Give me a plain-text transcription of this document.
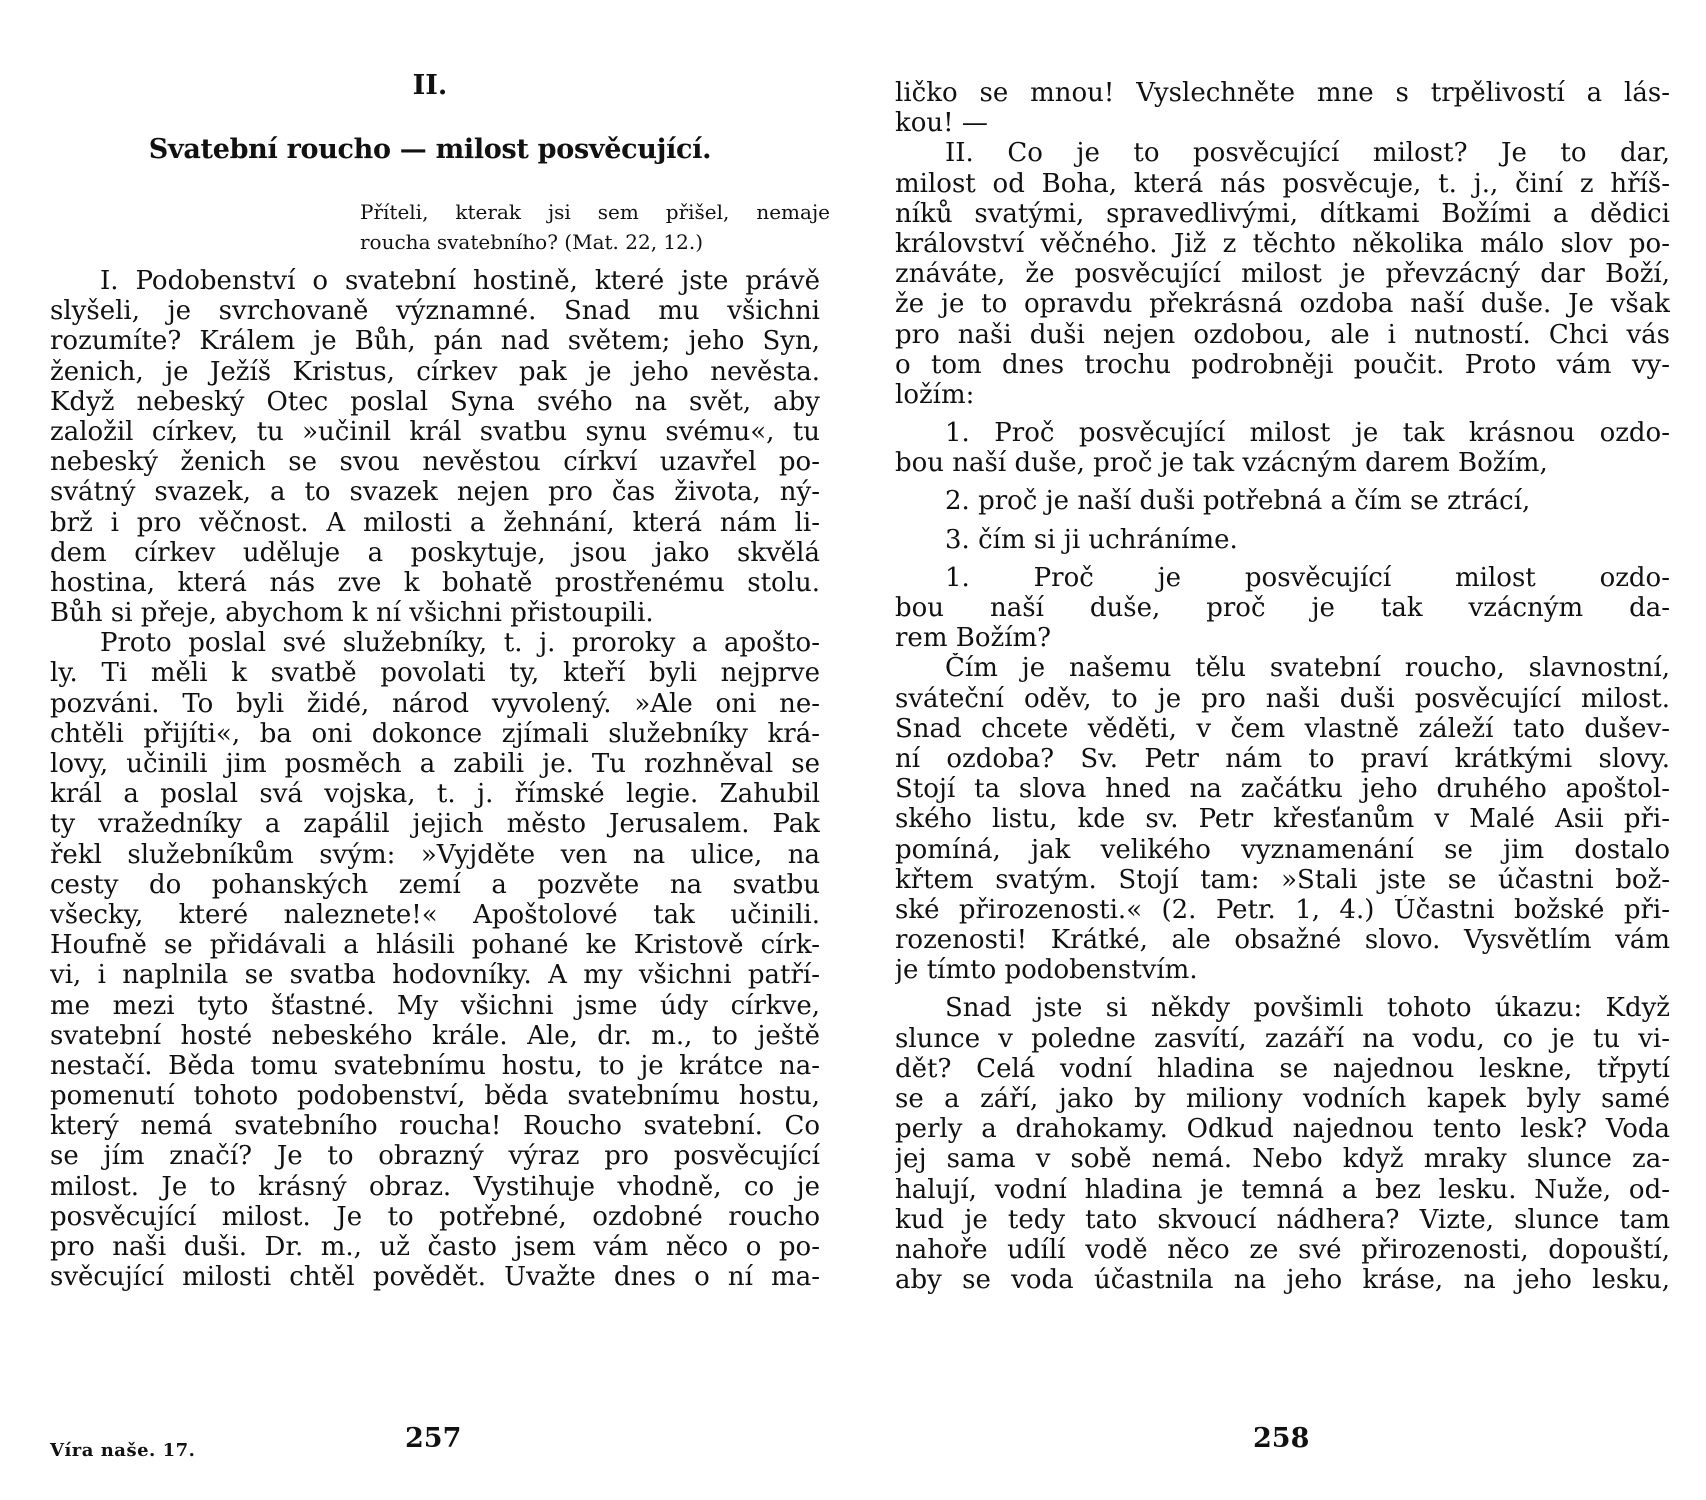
II.
Svatební roucho — milost posvěcující.
Příteli, kterak jsi sem přišel, nemaje
roucha svatebního? (Mat. 22, 12.)
I. Podobenství o svatební hostině, které jste právě
slyšeli, je svrchovaně významné. Snad mu všichni
rozumíte? Králem je Bůh, pán nad světem; jeho Syn,
ženich, je Ježíš Kristus, církev pak je jeho nevěsta.
Když nebeský Otec poslal Syna svého na svět, aby
založil církev, tu »učinil král svatbu synu svému«, tu
nebeský ženich se svou nevěstou církví uzavřel po-
svátný svazek, a to svazek nejen pro čas života, ný-
brž i pro věčnost. A milosti a žehnání, která nám li-
dem církev uděluje a poskytuje, jsou jako skvělá
hostina, která nás zve k bohatě prostřenému stolu.
Bůh si přeje, abychom k ní všichni přistoupili.
Proto poslal své služebníky, t. j. proroky a apošto-
ly. Ti měli k svatbě povolati ty, kteří byli nejprve
pozváni. To byli židé, národ vyvolený. »Ale oni ne-
chtěli přijíti«, ba oni dokonce zjímali služebníky krá-
lovy, učinili jim posměch a zabili je. Tu rozhněval se
král a poslal svá vojska, t. j. římské legie. Zahubil
ty vražedníky a zapálil jejich město Jerusalem. Pak
řekl služebníkům svým: »Vyjděte ven na ulice, na
cesty do pohanských zemí a pozvěte na svatbu
všecky, které naleznete!« Apoštolové tak učinili.
Houfně se přidávali a hlásili pohané ke Kristově círk-
vi, i naplnila se svatba hodovníky. A my všichni patří-
me mezi tyto šťastné. My všichni jsme údy církve,
svatební hosté nebeského krále. Ale, dr. m., to ještě
nestačí. Běda tomu svatebnímu hostu, to je krátce na-
pomenutí tohoto podobenství, běda svatebnímu hostu,
který nemá svatebního roucha! Roucho svatební. Co
se jím značí? Je to obrazný výraz pro posvěcující
milost. Je to krásný obraz. Vystihuje vhodně, co je
posvěcující milost. Je to potřebné, ozdobné roucho
pro naši duši. Dr. m., už často jsem vám něco o po-
svěcující milosti chtěl povědět. Uvažte dnes o ní ma-
Víra naše. 17.	257
ličko se mnou! Vyslechněte mne s trpělivostí a lás-
kou! —
II. Co je to posvěcující milost? Je to dar,
milost od Boha, která nás posvěcuje, t. j., činí z hříš-
níků svatými, spravedlivými, dítkami Božími a dědici
království věčného. Již z těchto několika málo slov po-
znáváte, že posvěcující milost je převzácný dar Boží,
že je to opravdu překrásná ozdoba naší duše. Je však
pro naši duši nejen ozdobou, ale i nutností. Chci vás
o tom dnes trochu podrobněji poučit. Proto vám vy-
ložím:
1. Proč posvěcující milost je tak krásnou ozdo-
bou naší duše, proč je tak vzácným darem Božím,
2. proč je naší duši potřebná a čím se ztrácí,
3. čím si ji uchráníme.
1. Proč je posvěcující milost ozdo-
bou naší duše, proč je tak vzácným da-
rem Božím?
Čím je našemu tělu svatební roucho, slavnostní,
sváteční oděv, to je pro naši duši posvěcující milost.
Snad chcete věděti, v čem vlastně záleží tato dušev-
ní ozdoba? Sv. Petr nám to praví krátkými slovy.
Stojí ta slova hned na začátku jeho druhého apoštol-
ského listu, kde sv. Petr křesťanům v Malé Asii při-
pomíná, jak velikého vyznamenání se jim dostalo
křtem svatým. Stojí tam: »Stali jste se účastni bož-
ské přirozenosti.« (2. Petr. 1, 4.) Účastni božské při-
rozenosti! Krátké, ale obsažné slovo. Vysvětlím vám
je tímto podobenstvím.
Snad jste si někdy povšimli tohoto úkazu: Když
slunce v poledne zasvítí, zazáří na vodu, co je tu vi-
dět? Celá vodní hladina se najednou leskne, třpytí
se a září, jako by miliony vodních kapek byly samé
perly a drahokamy. Odkud najednou tento lesk? Voda
jej sama v sobě nemá. Nebo když mraky slunce za-
halují, vodní hladina je temná a bez lesku. Nuže, od-
kud je tedy tato skvoucí nádhera? Vizte, slunce tam
nahoře udílí vodě něco ze své přirozenosti, dopouští,
aby se voda účastnila na jeho kráse, na jeho lesku,
258
